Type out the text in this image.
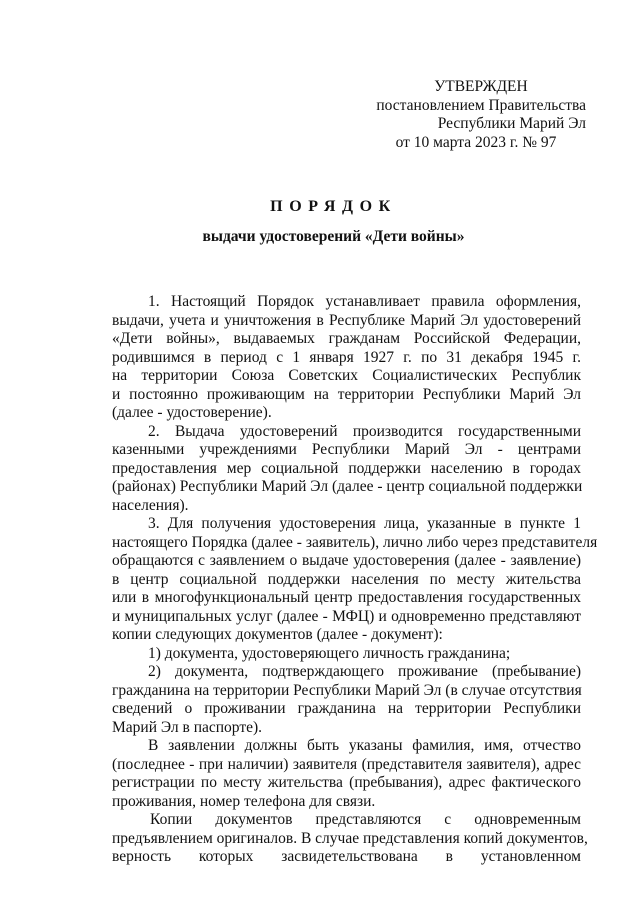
УТВЕРЖДЕН
постановлением Правительства
Республики Марий Эл
от 10 марта 2023 г. № 97
ПОРЯДОК
выдачи удостоверений «Дети войны»
1. Настоящий Порядок устанавливает правила оформления,
выдачи, учета и уничтожения в Республике Марий Эл удостоверений
«Дети войны», выдаваемых гражданам Российской Федерации,
родившимся в период с 1 января 1927 г. по 31 декабря 1945 г.
на территории Союза Советских Социалистических Республик
и постоянно проживающим на территории Республики Марий Эл
(далее - удостоверение).
2. Выдача удостоверений производится государственными
казенными учреждениями Республики Марий Эл - центрами
предоставления мер социальной поддержки населению в городах
(районах) Республики Марий Эл (далее - центр социальной поддержки
населения).
3. Для получения удостоверения лица, указанные в пункте 1
настоящего Порядка (далее - заявитель), лично либо через представителя
обращаются с заявлением о выдаче удостоверения (далее - заявление)
в центр социальной поддержки населения по месту жительства
или в многофункциональный центр предоставления государственных
и муниципальных услуг (далее - МФЦ) и одновременно представляют
копии следующих документов (далее - документ):
1) документа, удостоверяющего личность гражданина;
2) документа, подтверждающего проживание (пребывание)
гражданина на территории Республики Марий Эл (в случае отсутствия
сведений о проживании гражданина на территории Республики
Марий Эл в паспорте).
В заявлении должны быть указаны фамилия, имя, отчество
(последнее - при наличии) заявителя (представителя заявителя), адрес
регистрации по месту жительства (пребывания), адрес фактического
проживания, номер телефона для связи.
Копии документов представляются с одновременным
предъявлением оригиналов. В случае представления копий документов,
верность которых засвидетельствована в установленном
